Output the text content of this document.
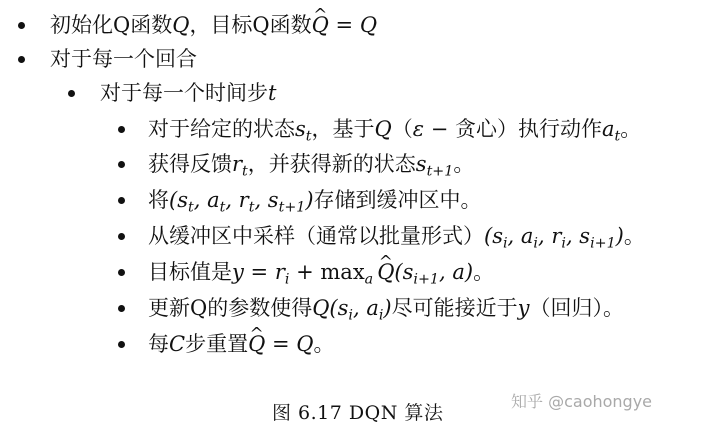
初始化Q函数Q，目标Q函数^ Q = Q
对于每一个回合
对于每一个时间步t
对于给定的状态$s_t$，基于Q（ε − 贪心）执行动作$a_t$。
获得反馈$r_t$，并获得新的状态$s_{t+1}$。
将($s_t$, $a_t$, $r_t$, $s_{t+1}$)存储到缓冲区中。
从缓冲区中采样（通常以批量形式）($s_i$, $a_i$, $r_i$, $s_{i+1}$)。
目标值是$y = r_i$ + $\max_a\^{}$ $Q(s_{i+1}$, a)。
更新Q的参数使得$Q(s_i$, $a_i$)尽可能接近于y（回归）。
每C步重置^ Q = Q。
图 6.17 DQN 算法
知乎 @caohongye
